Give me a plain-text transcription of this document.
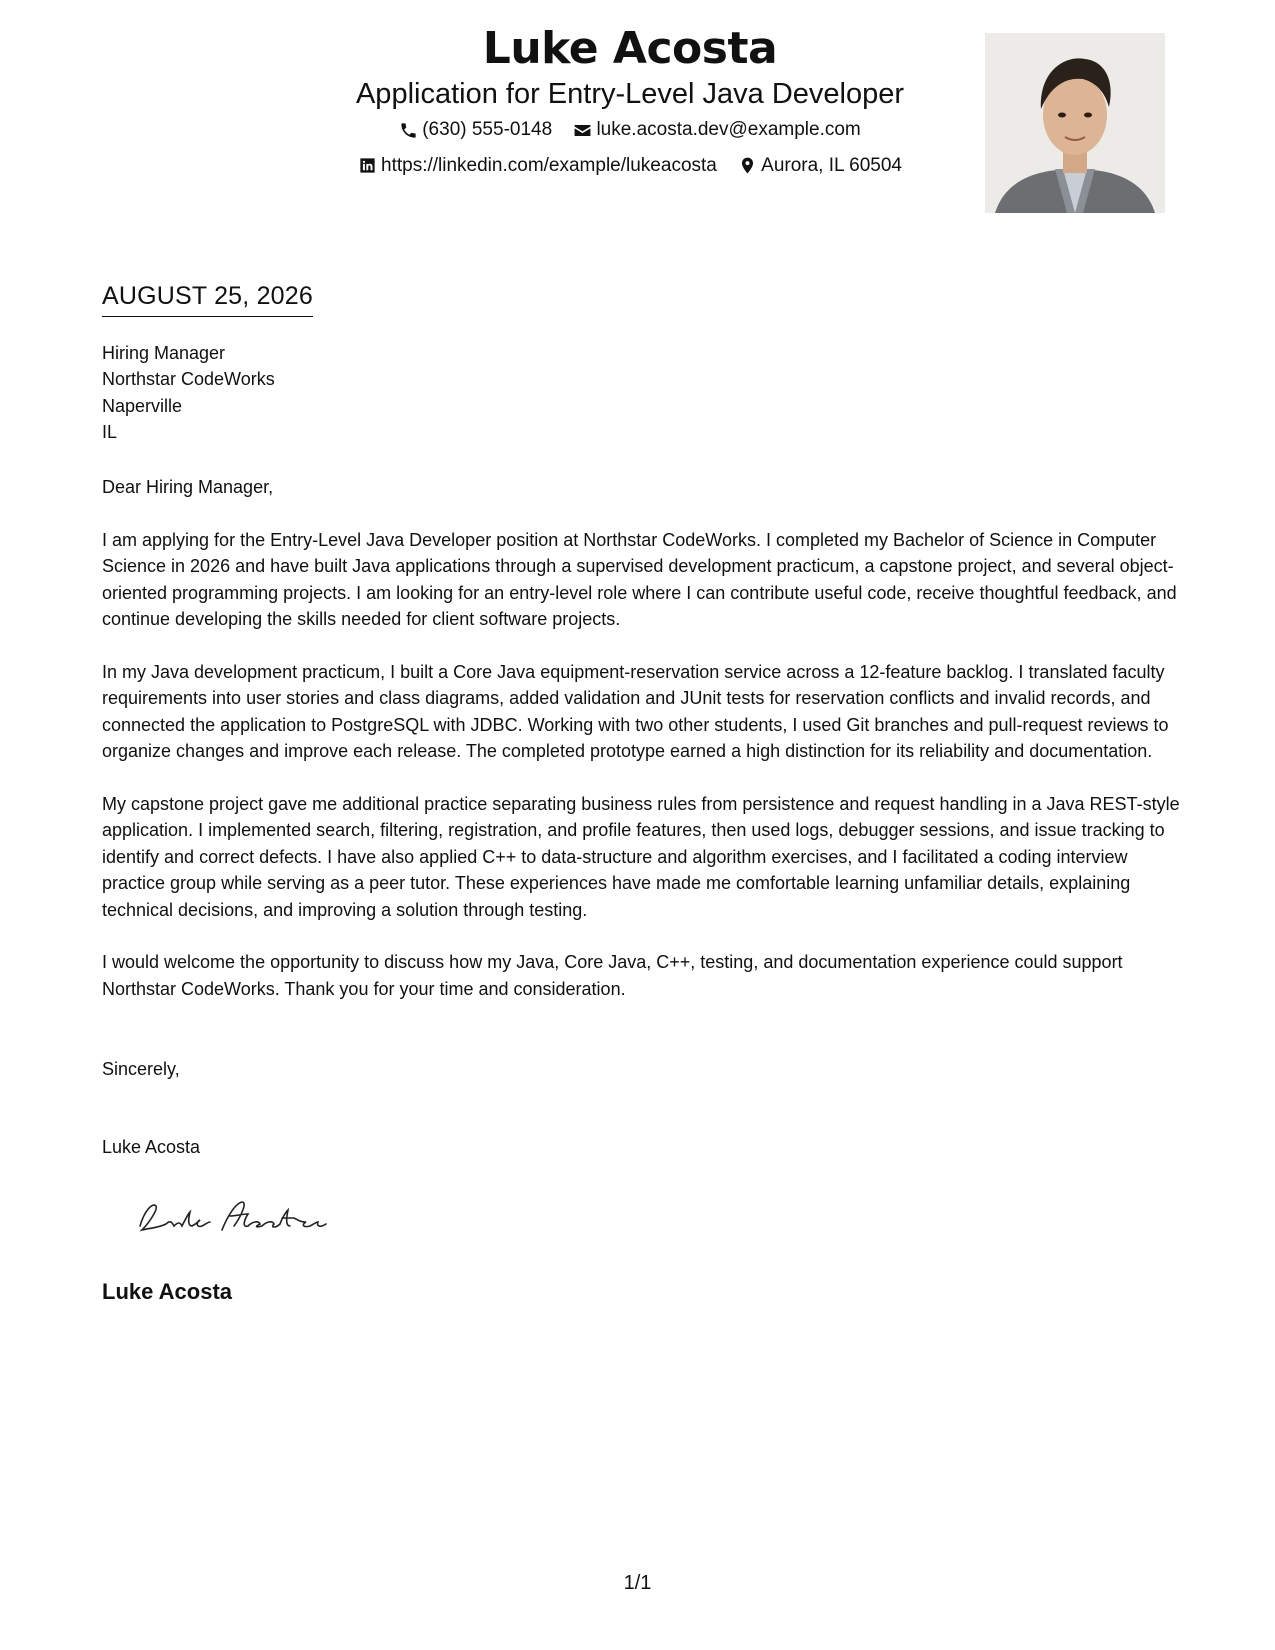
Luke Acosta
Application for Entry-Level Java Developer
(630) 555-0148
luke.acosta.dev@example.com
https://linkedin.com/example/lukeacosta
Aurora, IL 60504
AUGUST 25, 2026
Hiring Manager
Northstar CodeWorks
Naperville
IL
Dear Hiring Manager,

I am applying for the Entry-Level Java Developer position at Northstar CodeWorks. I completed my Bachelor of Science in Computer Science in 2026 and have built Java applications through a supervised development practicum, a capstone project, and several object-oriented programming projects. I am looking for an entry-level role where I can contribute useful code, receive thoughtful feedback, and continue developing the skills needed for client software projects.

In my Java development practicum, I built a Core Java equipment-reservation service across a 12-feature backlog. I translated faculty requirements into user stories and class diagrams, added validation and JUnit tests for reservation conflicts and invalid records, and connected the application to PostgreSQL with JDBC. Working with two other students, I used Git branches and pull-request reviews to organize changes and improve each release. The completed prototype earned a high distinction for its reliability and documentation.

My capstone project gave me additional practice separating business rules from persistence and request handling in a Java REST-style application. I implemented search, filtering, registration, and profile features, then used logs, debugger sessions, and issue tracking to identify and correct defects. I have also applied C++ to data-structure and algorithm exercises, and I facilitated a coding interview practice group while serving as a peer tutor. These experiences have made me comfortable learning unfamiliar details, explaining technical decisions, and improving a solution through testing.

I would welcome the opportunity to discuss how my Java, Core Java, C++, testing, and documentation experience could support Northstar CodeWorks. Thank you for your time and consideration.

Sincerely,
Luke Acosta
Luke Acosta
1/1
